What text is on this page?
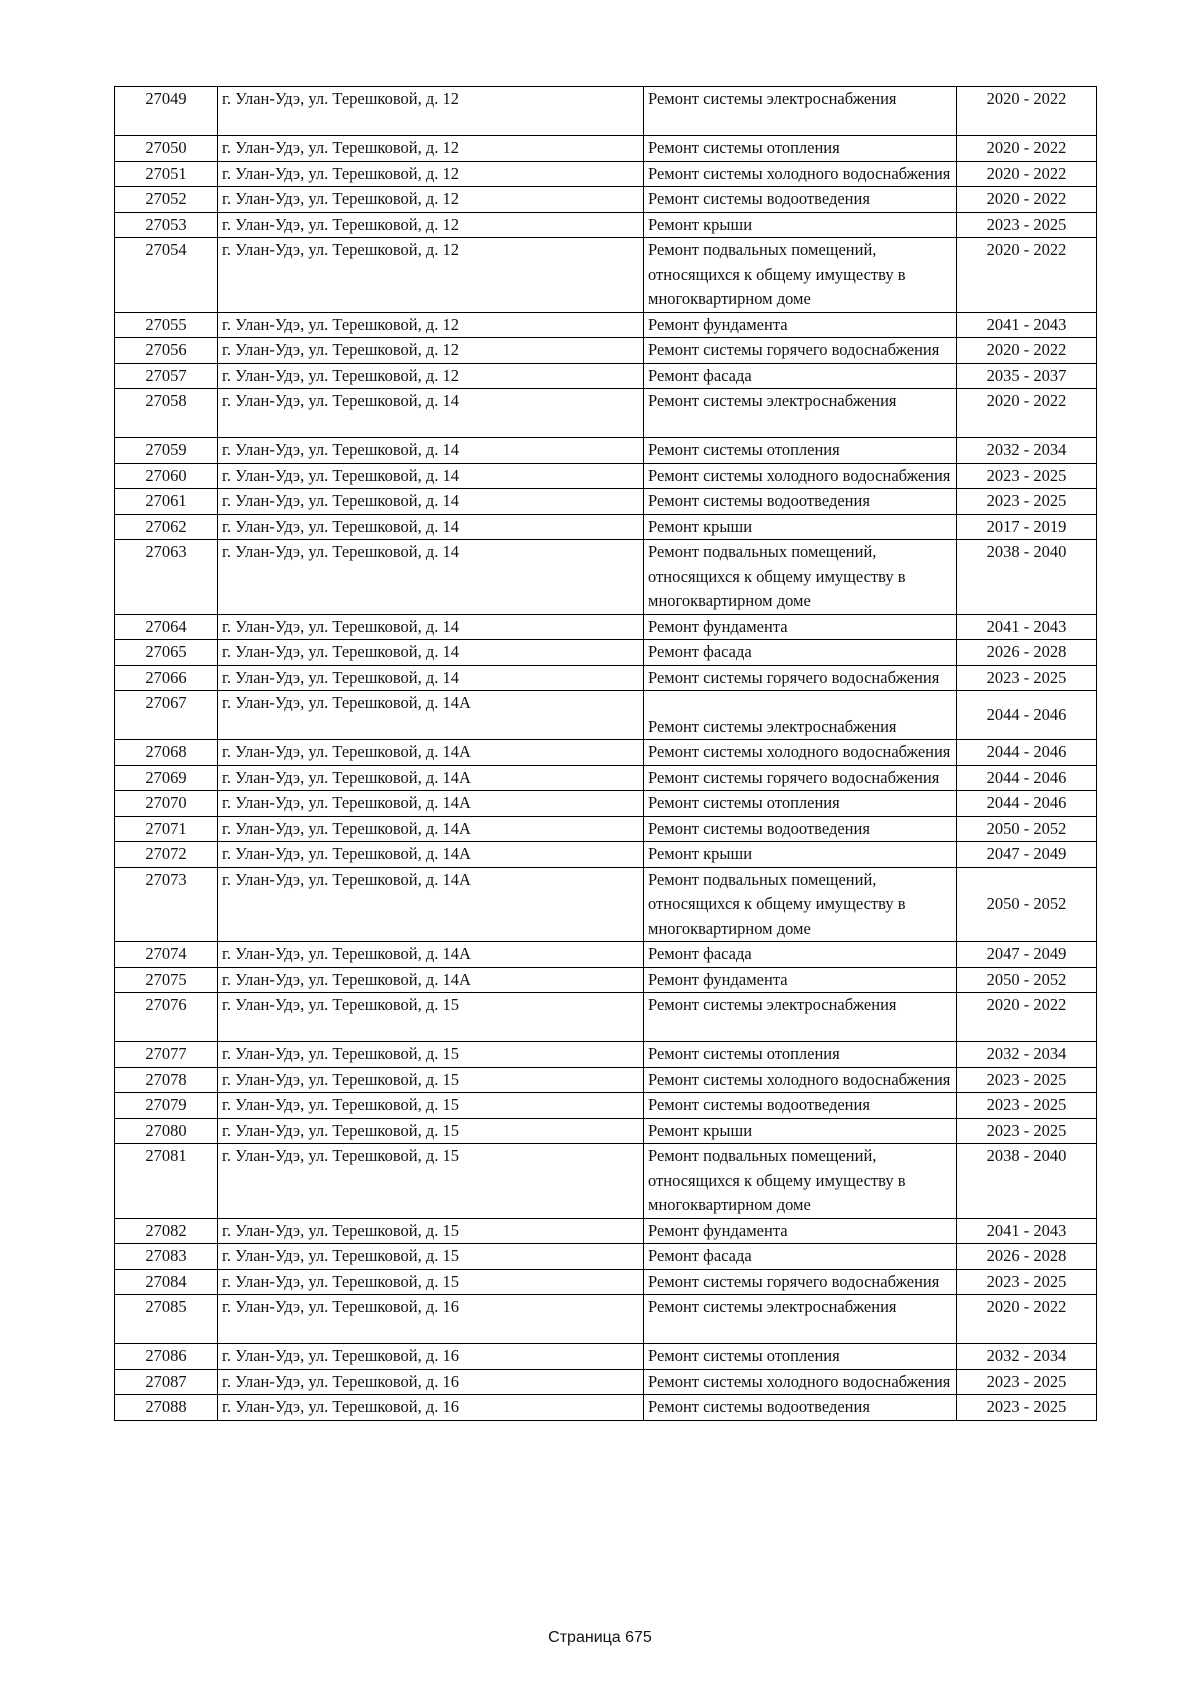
27049	г. Улан-Удэ, ул. Терешковой, д. 12	Ремонт системы электроснабжения	2020 - 2022
27050	г. Улан-Удэ, ул. Терешковой, д. 12	Ремонт системы отопления	2020 - 2022
27051	г. Улан-Удэ, ул. Терешковой, д. 12	Ремонт системы холодного водоснабжения	2020 - 2022
27052	г. Улан-Удэ, ул. Терешковой, д. 12	Ремонт системы водоотведения	2020 - 2022
27053	г. Улан-Удэ, ул. Терешковой, д. 12	Ремонт крыши	2023 - 2025
27054	г. Улан-Удэ, ул. Терешковой, д. 12	Ремонт подвальных помещений, относящихся к общему имуществу в многоквартирном доме	2020 - 2022
27055	г. Улан-Удэ, ул. Терешковой, д. 12	Ремонт фундамента	2041 - 2043
27056	г. Улан-Удэ, ул. Терешковой, д. 12	Ремонт системы горячего водоснабжения	2020 - 2022
27057	г. Улан-Удэ, ул. Терешковой, д. 12	Ремонт фасада	2035 - 2037
27058	г. Улан-Удэ, ул. Терешковой, д. 14	Ремонт системы электроснабжения	2020 - 2022
27059	г. Улан-Удэ, ул. Терешковой, д. 14	Ремонт системы отопления	2032 - 2034
27060	г. Улан-Удэ, ул. Терешковой, д. 14	Ремонт системы холодного водоснабжения	2023 - 2025
27061	г. Улан-Удэ, ул. Терешковой, д. 14	Ремонт системы водоотведения	2023 - 2025
27062	г. Улан-Удэ, ул. Терешковой, д. 14	Ремонт крыши	2017 - 2019
27063	г. Улан-Удэ, ул. Терешковой, д. 14	Ремонт подвальных помещений, относящихся к общему имуществу в многоквартирном доме	2038 - 2040
27064	г. Улан-Удэ, ул. Терешковой, д. 14	Ремонт фундамента	2041 - 2043
27065	г. Улан-Удэ, ул. Терешковой, д. 14	Ремонт фасада	2026 - 2028
27066	г. Улан-Удэ, ул. Терешковой, д. 14	Ремонт системы горячего водоснабжения	2023 - 2025
27067	г. Улан-Удэ, ул. Терешковой, д. 14А	Ремонт системы электроснабжения	2044 - 2046
27068	г. Улан-Удэ, ул. Терешковой, д. 14А	Ремонт системы холодного водоснабжения	2044 - 2046
27069	г. Улан-Удэ, ул. Терешковой, д. 14А	Ремонт системы горячего водоснабжения	2044 - 2046
27070	г. Улан-Удэ, ул. Терешковой, д. 14А	Ремонт системы отопления	2044 - 2046
27071	г. Улан-Удэ, ул. Терешковой, д. 14А	Ремонт системы водоотведения	2050 - 2052
27072	г. Улан-Удэ, ул. Терешковой, д. 14А	Ремонт крыши	2047 - 2049
27073	г. Улан-Удэ, ул. Терешковой, д. 14А	Ремонт подвальных помещений, относящихся к общему имуществу в многоквартирном доме	2050 - 2052
27074	г. Улан-Удэ, ул. Терешковой, д. 14А	Ремонт фасада	2047 - 2049
27075	г. Улан-Удэ, ул. Терешковой, д. 14А	Ремонт фундамента	2050 - 2052
27076	г. Улан-Удэ, ул. Терешковой, д. 15	Ремонт системы электроснабжения	2020 - 2022
27077	г. Улан-Удэ, ул. Терешковой, д. 15	Ремонт системы отопления	2032 - 2034
27078	г. Улан-Удэ, ул. Терешковой, д. 15	Ремонт системы холодного водоснабжения	2023 - 2025
27079	г. Улан-Удэ, ул. Терешковой, д. 15	Ремонт системы водоотведения	2023 - 2025
27080	г. Улан-Удэ, ул. Терешковой, д. 15	Ремонт крыши	2023 - 2025
27081	г. Улан-Удэ, ул. Терешковой, д. 15	Ремонт подвальных помещений, относящихся к общему имуществу в многоквартирном доме	2038 - 2040
27082	г. Улан-Удэ, ул. Терешковой, д. 15	Ремонт фундамента	2041 - 2043
27083	г. Улан-Удэ, ул. Терешковой, д. 15	Ремонт фасада	2026 - 2028
27084	г. Улан-Удэ, ул. Терешковой, д. 15	Ремонт системы горячего водоснабжения	2023 - 2025
27085	г. Улан-Удэ, ул. Терешковой, д. 16	Ремонт системы электроснабжения	2020 - 2022
27086	г. Улан-Удэ, ул. Терешковой, д. 16	Ремонт системы отопления	2032 - 2034
27087	г. Улан-Удэ, ул. Терешковой, д. 16	Ремонт системы холодного водоснабжения	2023 - 2025
27088	г. Улан-Удэ, ул. Терешковой, д. 16	Ремонт системы водоотведения	2023 - 2025
Страница 675
